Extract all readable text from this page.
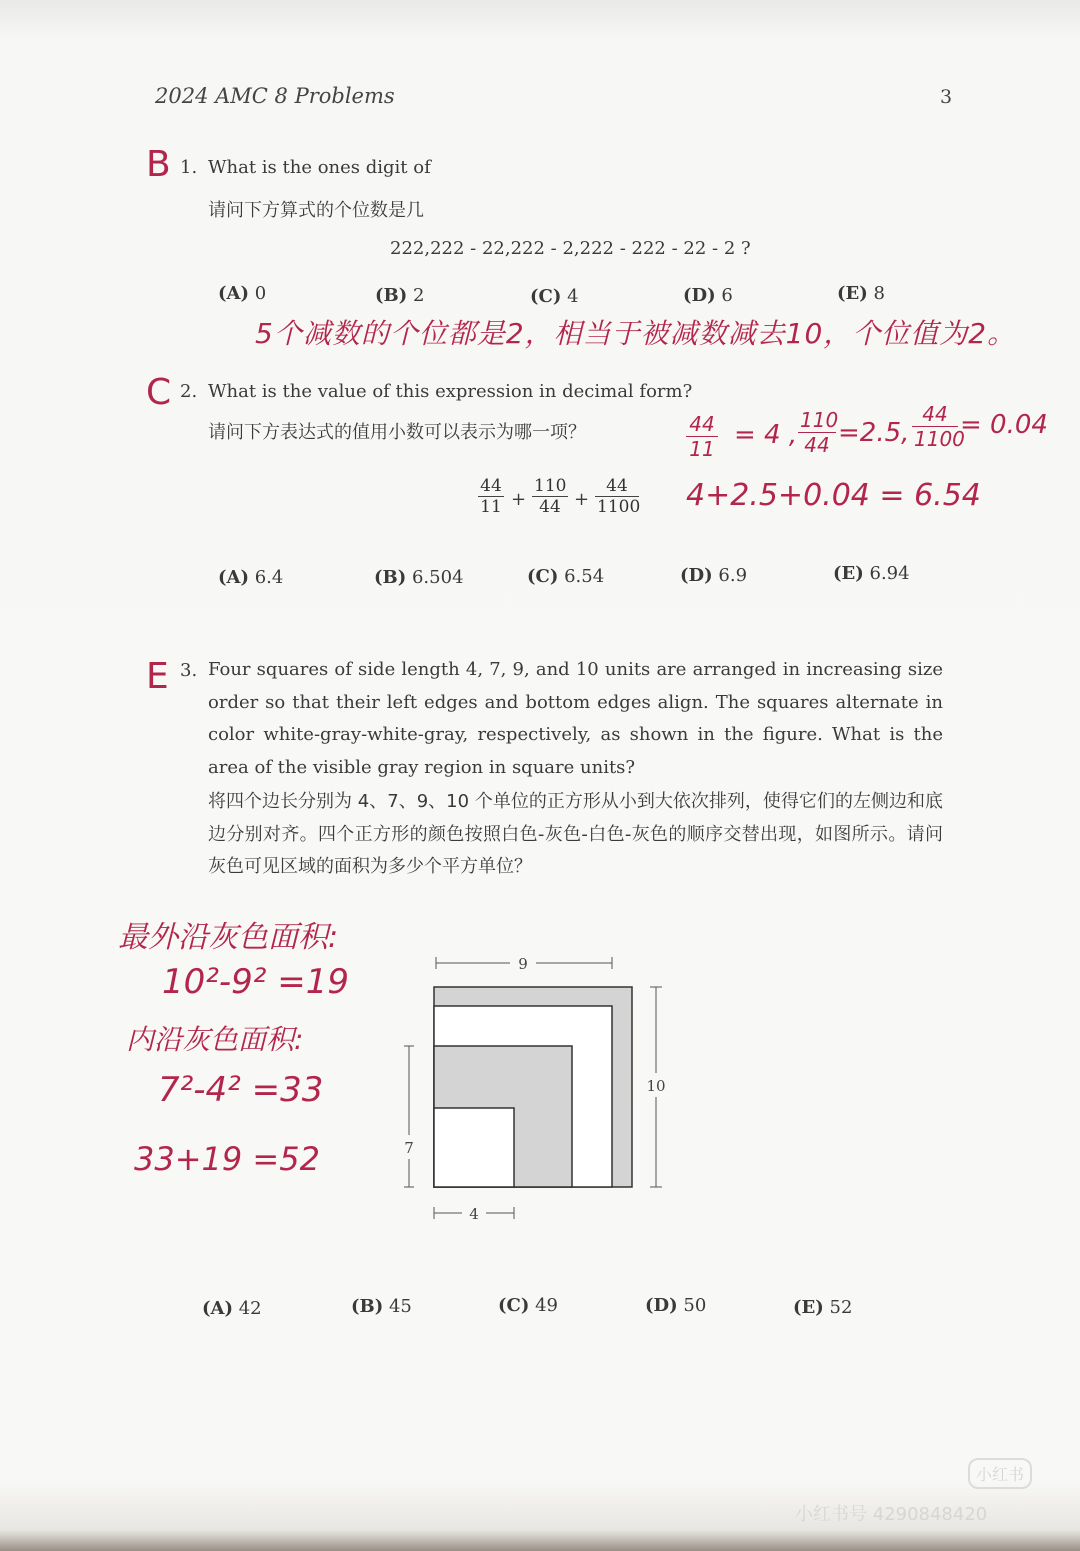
2024 AMC 8 Problems	3
B 1. What is the ones digit of
请问下方算式的个位数是几
222,222 - 22,222 - 2,222 - 222 - 22 - 2 ?
(A) 0	(B) 2	(C) 4	(D) 6	(E) 8
5个减数的个位都是2，相当于被减数减去10，个位值为2。
C 2. What is the value of this expression in decimal form?
请问下方表达式的值用小数可以表示为哪一项？
$\frac{44}{11} + \frac{110}{44} + \frac{44}{1100}$
$\frac{44}{11} = 4$ , $\frac{110}{44} =2.5$, $\frac{44}{1100} = 0.04$
4+2.5+0.04 = 6.54
(A) 6.4	(B) 6.504	(C) 6.54	(D) 6.9	(E) 6.94
E 3. Four squares of side length 4, 7, 9, and 10 units are arranged in increasing size order so that their left edges and bottom edges align. The squares alternate in color white-gray-white-gray, respectively, as shown in the figure. What is the area of the visible gray region in square units?
将四个边长分别为 4、7、9、10 个单位的正方形从小到大依次排列，使得它们的左侧边和底边分别对齐。四个正方形的颜色按照白色-灰色-白色-灰色的顺序交替出现，如图所示。请问灰色可见区域的面积为多少个平方单位？
最外沿灰色面积:
10²-9² =19
内沿灰色面积:
7²-4² =33
33+19 =52
9
10
7
4
(A) 42	(B) 45	(C) 49	(D) 50	(E) 52
小红书
小红书号 4290848420
